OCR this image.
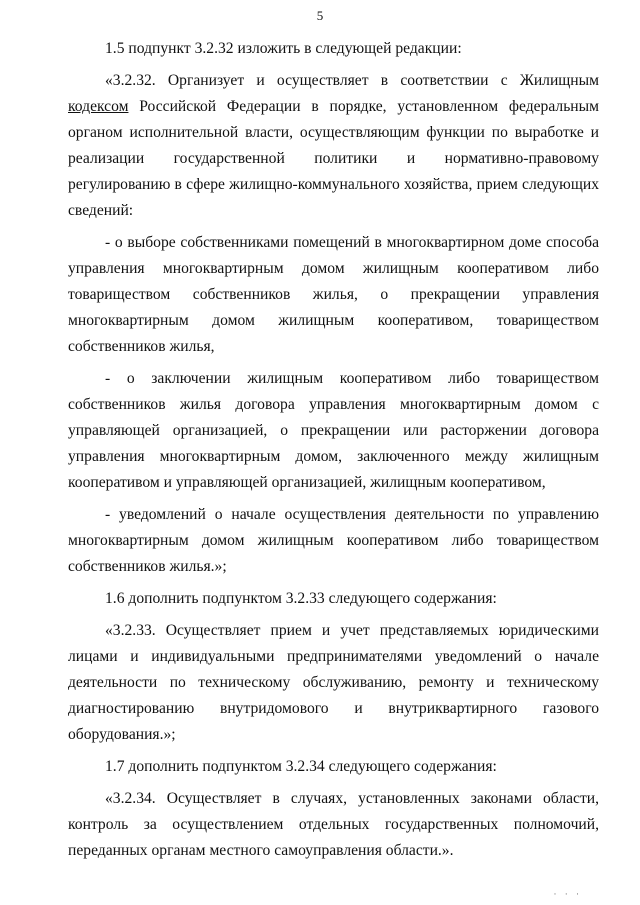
5

1.5 подпункт 3.2.32 изложить в следующей редакции:

«3.2.32. Организует и осуществляет в соответствии с Жилищным кодексом Российской Федерации в порядке, установленном федеральным органом исполнительной власти, осуществляющим функции по выработке и реализации государственной политики и нормативно-правовому регулированию в сфере жилищно-коммунального хозяйства, прием следующих сведений:

- о выборе собственниками помещений в многоквартирном доме способа управления многоквартирным домом жилищным кооперативом либо товариществом собственников жилья, о прекращении управления многоквартирным домом жилищным кооперативом, товариществом собственников жилья,

- о заключении жилищным кооперативом либо товариществом собственников жилья договора управления многоквартирным домом с управляющей организацией, о прекращении или расторжении договора управления многоквартирным домом, заключенного между жилищным кооперативом и управляющей организацией, жилищным кооперативом,

- уведомлений о начале осуществления деятельности по управлению многоквартирным домом жилищным кооперативом либо товариществом собственников жилья.»;

1.6 дополнить подпунктом 3.2.33 следующего содержания:

«3.2.33. Осуществляет прием и учет представляемых юридическими лицами и индивидуальными предпринимателями уведомлений о начале деятельности по техническому обслуживанию, ремонту и техническому диагностированию внутридомового и внутриквартирного газового оборудования.»;

1.7 дополнить подпунктом 3.2.34 следующего содержания:

«3.2.34. Осуществляет в случаях, установленных законами области, контроль за осуществлением отдельных государственных полномочий, переданных органам местного самоуправления области.».

· · ·
